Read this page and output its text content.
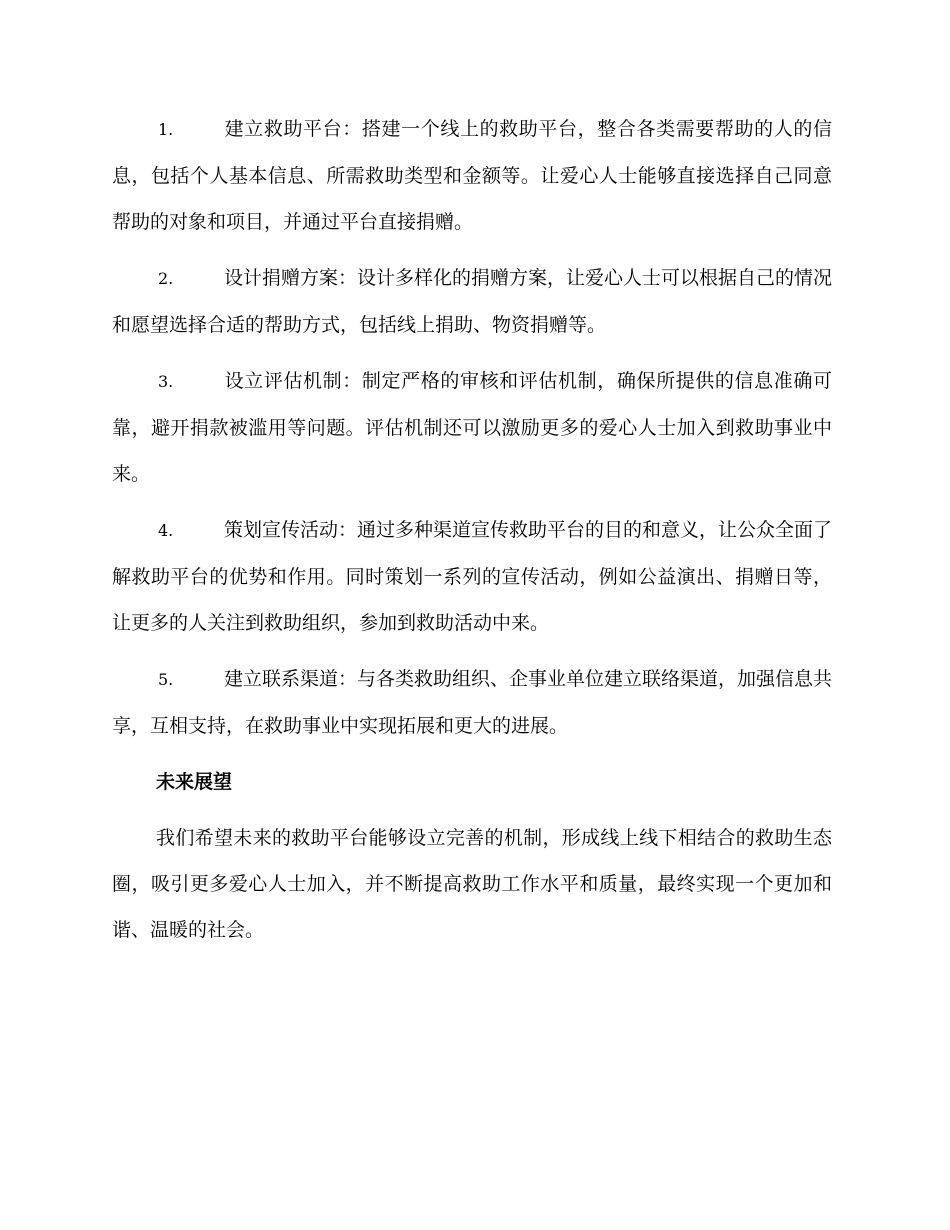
1.	建立救助平台：搭建一个线上的救助平台，整合各类需要帮助的人的信息，包括个人基本信息、所需救助类型和金额等。让爱心人士能够直接选择自己同意帮助的对象和项目，并通过平台直接捐赠。

2.	设计捐赠方案：设计多样化的捐赠方案，让爱心人士可以根据自己的情况和愿望选择合适的帮助方式，包括线上捐助、物资捐赠等。

3.	设立评估机制：制定严格的审核和评估机制，确保所提供的信息准确可靠，避开捐款被滥用等问题。评估机制还可以激励更多的爱心人士加入到救助事业中来。

4.	策划宣传活动：通过多种渠道宣传救助平台的目的和意义，让公众全面了解救助平台的优势和作用。同时策划一系列的宣传活动，例如公益演出、捐赠日等，让更多的人关注到救助组织，参加到救助活动中来。

5.	建立联系渠道：与各类救助组织、企事业单位建立联络渠道，加强信息共享，互相支持，在救助事业中实现拓展和更大的进展。

未来展望

我们希望未来的救助平台能够设立完善的机制，形成线上线下相结合的救助生态圈，吸引更多爱心人士加入，并不断提高救助工作水平和质量，最终实现一个更加和谐、温暖的社会。
